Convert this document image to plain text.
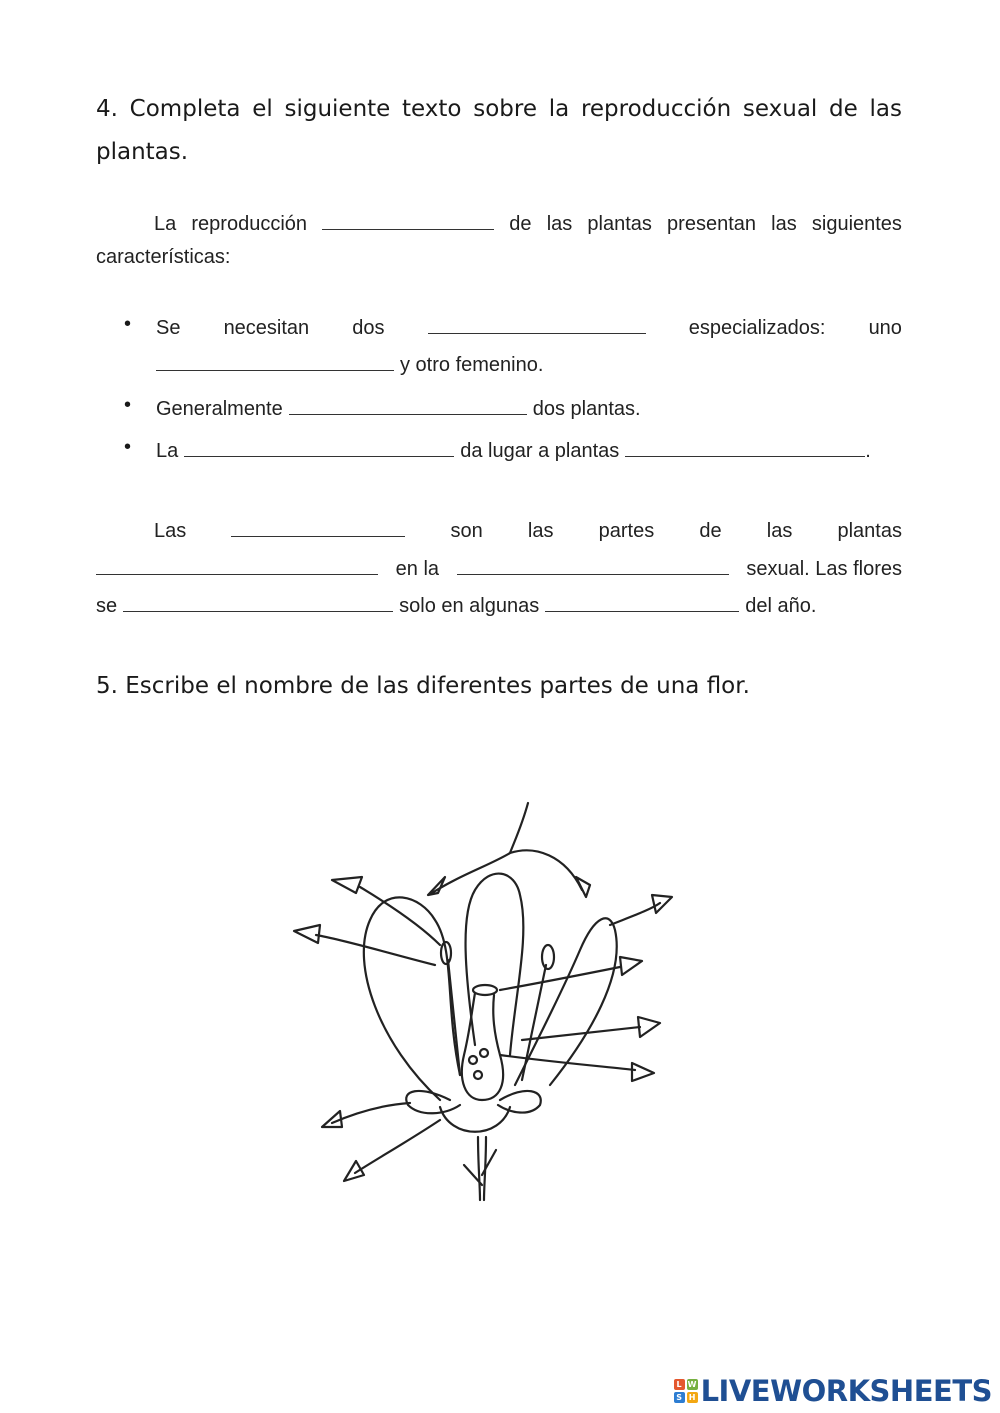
4. Completa el siguiente texto sobre la reproducción sexual de las plantas.
La reproducción	de las plantas presentan las siguientes
características:
• Se necesitan dos	especializados: uno
y otro femenino.
• Generalmente	dos plantas.
• La	da lugar a plantas	.
Las	son las partes de las plantas
en la	sexual. Las flores
se	solo en algunas	del año.
5. Escribe el nombre de las diferentes partes de una flor.
L W
S H LIVEWORKSHEETS
